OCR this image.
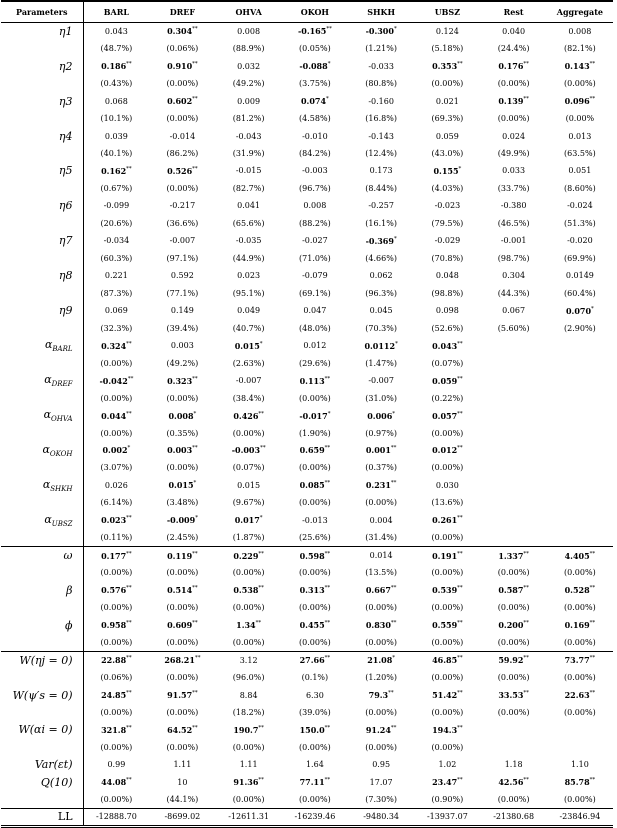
Parameters	BARL	DREF	OHVA	OKOH	SHKH	UBSZ	Rest	Aggregate
η1	0.043	0.304**	0.008	-0.165**	-0.300*	0.124	0.040	0.008
	(48.7%)	(0.06%)	(88.9%)	(0.05%)	(1.21%)	(5.18%)	(24.4%)	(82.1%)
η2	0.186**	0.910**	0.032	-0.088*	-0.033	0.353**	0.176**	0.143**
	(0.43%)	(0.00%)	(49.2%)	(3.75%)	(80.8%)	(0.00%)	(0.00%)	(0.00%)
η3	0.068	0.602**	0.009	0.074*	-0.160	0.021	0.139**	0.096**
	(10.1%)	(0.00%)	(81.2%)	(4.58%)	(16.8%)	(69.3%)	(0.00%)	(0.00%
η4	0.039	-0.014	-0.043	-0.010	-0.143	0.059	0.024	0.013
	(40.1%)	(86.2%)	(31.9%)	(84.2%)	(12.4%)	(43.0%)	(49.9%)	(63.5%)
η5	0.162**	0.526**	-0.015	-0.003	0.173	0.155*	0.033	0.051
	(0.67%)	(0.00%)	(82.7%)	(96.7%)	(8.44%)	(4.03%)	(33.7%)	(8.60%)
η6	-0.099	-0.217	0.041	0.008	-0.257	-0.023	-0.380	-0.024
	(20.6%)	(36.6%)	(65.6%)	(88.2%)	(16.1%)	(79.5%)	(46.5%)	(51.3%)
η7	-0.034	-0.007	-0.035	-0.027	-0.369*	-0.029	-0.001	-0.020
	(60.3%)	(97.1%)	(44.9%)	(71.0%)	(4.66%)	(70.8%)	(98.7%)	(69.9%)
η8	0.221	0.592	0.023	-0.079	0.062	0.048	0.304	0.0149
	(87.3%)	(77.1%)	(95.1%)	(69.1%)	(96.3%)	(98.8%)	(44.3%)	(60.4%)
η9	0.069	0.149	0.049	0.047	0.045	0.098	0.067	0.070*
	(32.3%)	(39.4%)	(40.7%)	(48.0%)	(70.3%)	(52.6%)	(5.60%)	(2.90%)
$\alpha_{BARL}$	0.324**	0.003	0.015*	0.012	0.0112*	0.043**		
	(0.00%)	(49.2%)	(2.63%)	(29.6%)	(1.47%)	(0.07%)		
$\alpha_{DREF}$	-0.042**	0.323**	-0.007	0.113**	-0.007	0.059**		
	(0.00%)	(0.00%)	(38.4%)	(0.00%)	(31.0%)	(0.22%)		
$\alpha_{OHVA}$	0.044**	0.008*	0.426**	-0.017*	0.006*	0.057**		
	(0.00%)	(0.35%)	(0.00%)	(1.90%)	(0.97%)	(0.00%)		
$\alpha_{OKOH}$	0.002*	0.003**	-0.003**	0.659**	0.001**	0.012**		
	(3.07%)	(0.00%)	(0.07%)	(0.00%)	(0.37%)	(0.00%)		
$\alpha_{SHKH}$	0.026	0.015*	0.015	0.085**	0.231**	0.030		
	(6.14%)	(3.48%)	(9.67%)	(0.00%)	(0.00%)	(13.6%)		
$\alpha_{UBSZ}$	0.023**	-0.009*	0.017*	-0.013	0.004	0.261**		
	(0.11%)	(2.45%)	(1.87%)	(25.6%)	(31.4%)	(0.00%)		
ω	0.177**	0.119**	0.229**	0.598**	0.014	0.191**	1.337**	4.405**
	(0.00%)	(0.00%)	(0.00%)	(0.00%)	(13.5%)	(0.00%)	(0.00%)	(0.00%)
β	0.576**	0.514**	0.538**	0.313**	0.667**	0.539**	0.587**	0.528**
	(0.00%)	(0.00%)	(0.00%)	(0.00%)	(0.00%)	(0.00%)	(0.00%)	(0.00%)
ϕ	0.958**	0.609**	1.34**	0.455**	0.830**	0.559**	0.200**	0.169**
	(0.00%)	(0.00%)	(0.00%)	(0.00%)	(0.00%)	(0.00%)	(0.00%)	(0.00%)
W(ηj = 0)	22.88**	268.21**	3.12	27.66**	21.08*	46.85**	59.92**	73.77**
	(0.06%)	(0.00%)	(96.0%)	(0.1%)	(1.20%)	(0.00%)	(0.00%)	(0.00%)
W(ψ′s = 0)	24.85**	91.57**	8.84	6.30	79.3**	51.42**	33.53**	22.63**
	(0.00%)	(0.00%)	(18.2%)	(39.0%)	(0.00%)	(0.00%)	(0.00%)	(0.00%)
W(αi = 0)	321.8**	64.52**	190.7**	150.0**	91.24**	194.3**		
	(0.00%)	(0.00%)	(0.00%)	(0.00%)	(0.00%)	(0.00%)		
Var(εt)	0.99	1.11	1.11	1.64	0.95	1.02	1.18	1.10
Q(10)	44.08**	10	91.36**	77.11**	17.07	23.47**	42.56**	85.78**
	(0.00%)	(44.1%)	(0.00%)	(0.00%)	(7.30%)	(0.90%)	(0.00%)	(0.00%)
LL	-12888.70	-8699.02	-12611.31	-16239.46	-9480.34	-13937.07	-21380.68	-23846.94
